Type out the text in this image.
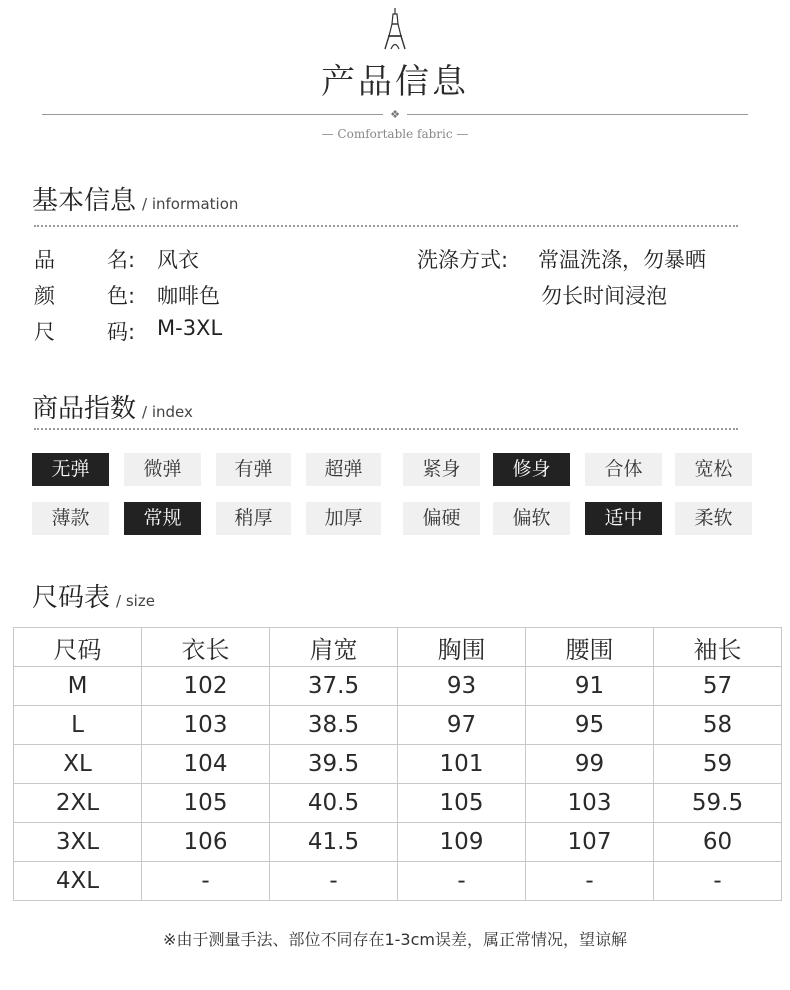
产品信息
❖
— Comfortable fabric —
基本信息 / information
品 名: 风衣
颜 色: 咖啡色
尺 码: M-3XL
洗涤方式: 常温洗涤，勿暴晒
勿长时间浸泡
商品指数 / index
无弹	微弹	有弹	超弹	紧身	修身	合体	宽松
薄款	常规	稍厚	加厚	偏硬	偏软	适中	柔软
尺码表 / size
尺码	衣长	肩宽	胸围	腰围	袖长
M	102	37.5	93	91	57
L	103	38.5	97	95	58
XL	104	39.5	101	99	59
2XL	105	40.5	105	103	59.5
3XL	106	41.5	109	107	60
4XL	-	-	-	-	-
※由于测量手法、部位不同存在1-3cm误差，属正常情况，望谅解
